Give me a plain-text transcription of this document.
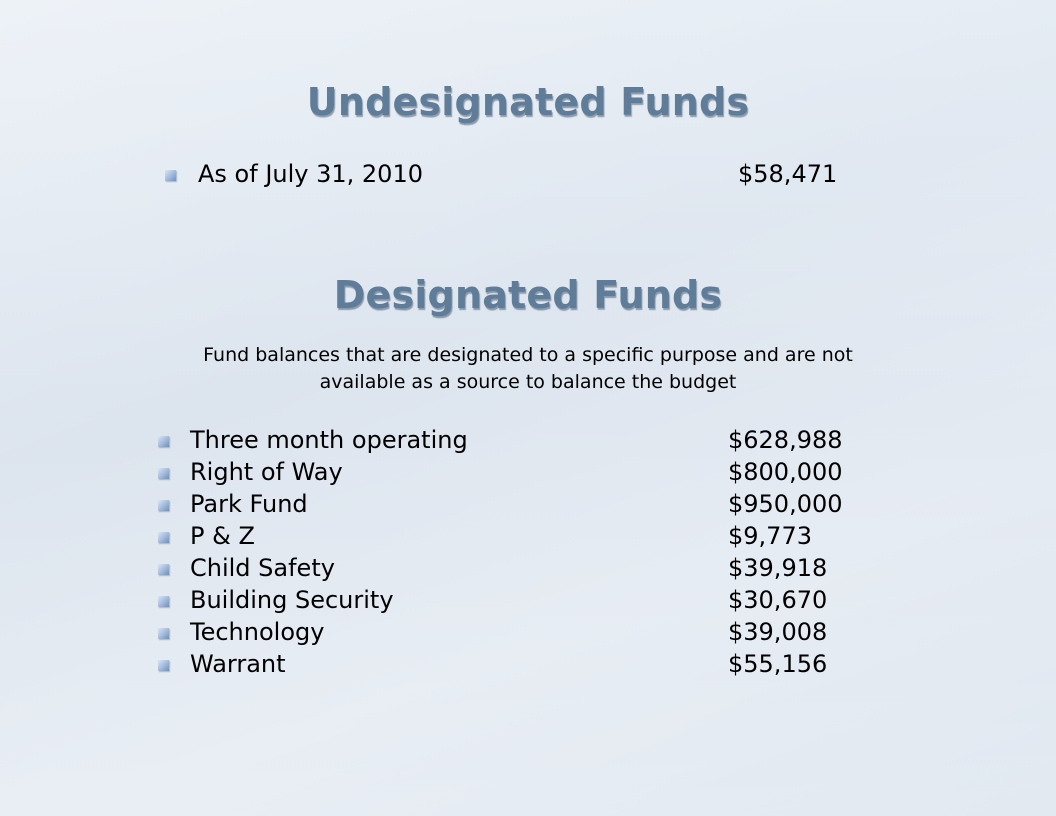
Undesignated Funds
As of July 31, 2010	$58,471
Designated Funds
Fund balances that are designated to a specific purpose and are not
available as a source to balance the budget
Three month operating	$628,988
Right of Way	$800,000
Park Fund	$950,000
P & Z	$9,773
Child Safety	$39,918
Building Security	$30,670
Technology	$39,008
Warrant	$55,156
